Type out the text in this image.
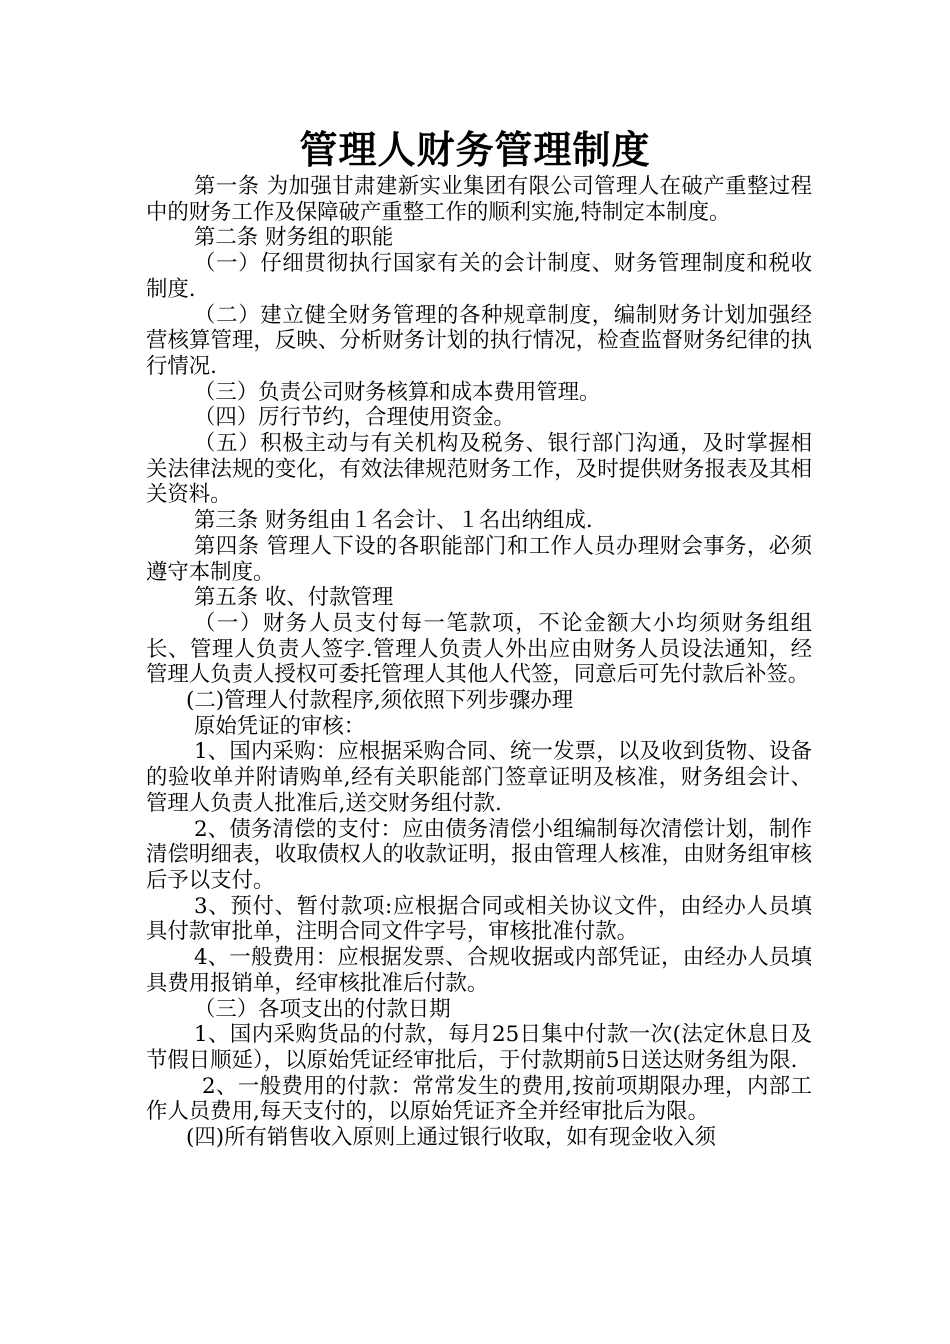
管理人财务管理制度

第一条 为加强甘肃建新实业集团有限公司管理人在破产重整过程中的财务工作及保障破产重整工作的顺利实施,特制定本制度。

第二条 财务组的职能

（一）仔细贯彻执行国家有关的会计制度、财务管理制度和税收制度.

（二）建立健全财务管理的各种规章制度，编制财务计划加强经营核算管理，反映、分析财务计划的执行情况，检查监督财务纪律的执行情况.

（三）负责公司财务核算和成本费用管理。

（四）厉行节约，合理使用资金。

（五）积极主动与有关机构及税务、银行部门沟通，及时掌握相关法律法规的变化，有效法律规范财务工作，及时提供财务报表及其相关资料。

第三条 财务组由１名会计、１名出纳组成.

第四条 管理人下设的各职能部门和工作人员办理财会事务，必须遵守本制度。

第五条 收、付款管理

（一）财务人员支付每一笔款项，不论金额大小均须财务组组长、管理人负责人签字.管理人负责人外出应由财务人员设法通知，经管理人负责人授权可委托管理人其他人代签，同意后可先付款后补签。

(二)管理人付款程序,须依照下列步骤办理

原始凭证的审核：

1、国内采购：应根据采购合同、统一发票，以及收到货物、设备的验收单并附请购单,经有关职能部门签章证明及核准，财务组会计、管理人负责人批准后,送交财务组付款.

2、债务清偿的支付：应由债务清偿小组编制每次清偿计划，制作清偿明细表，收取债权人的收款证明，报由管理人核准，由财务组审核后予以支付。

3、预付、暂付款项:应根据合同或相关协议文件，由经办人员填具付款审批单，注明合同文件字号，审核批准付款。

4、一般费用：应根据发票、合规收据或内部凭证，由经办人员填具费用报销单，经审核批准后付款。

（三）各项支出的付款日期

1、国内采购货品的付款，每月25日集中付款一次(法定休息日及节假日顺延），以原始凭证经审批后，于付款期前5日送达财务组为限.

2、一般费用的付款：常常发生的费用,按前项期限办理，内部工作人员费用,每天支付的，以原始凭证齐全并经审批后为限。

(四)所有销售收入原则上通过银行收取，如有现金收入须
